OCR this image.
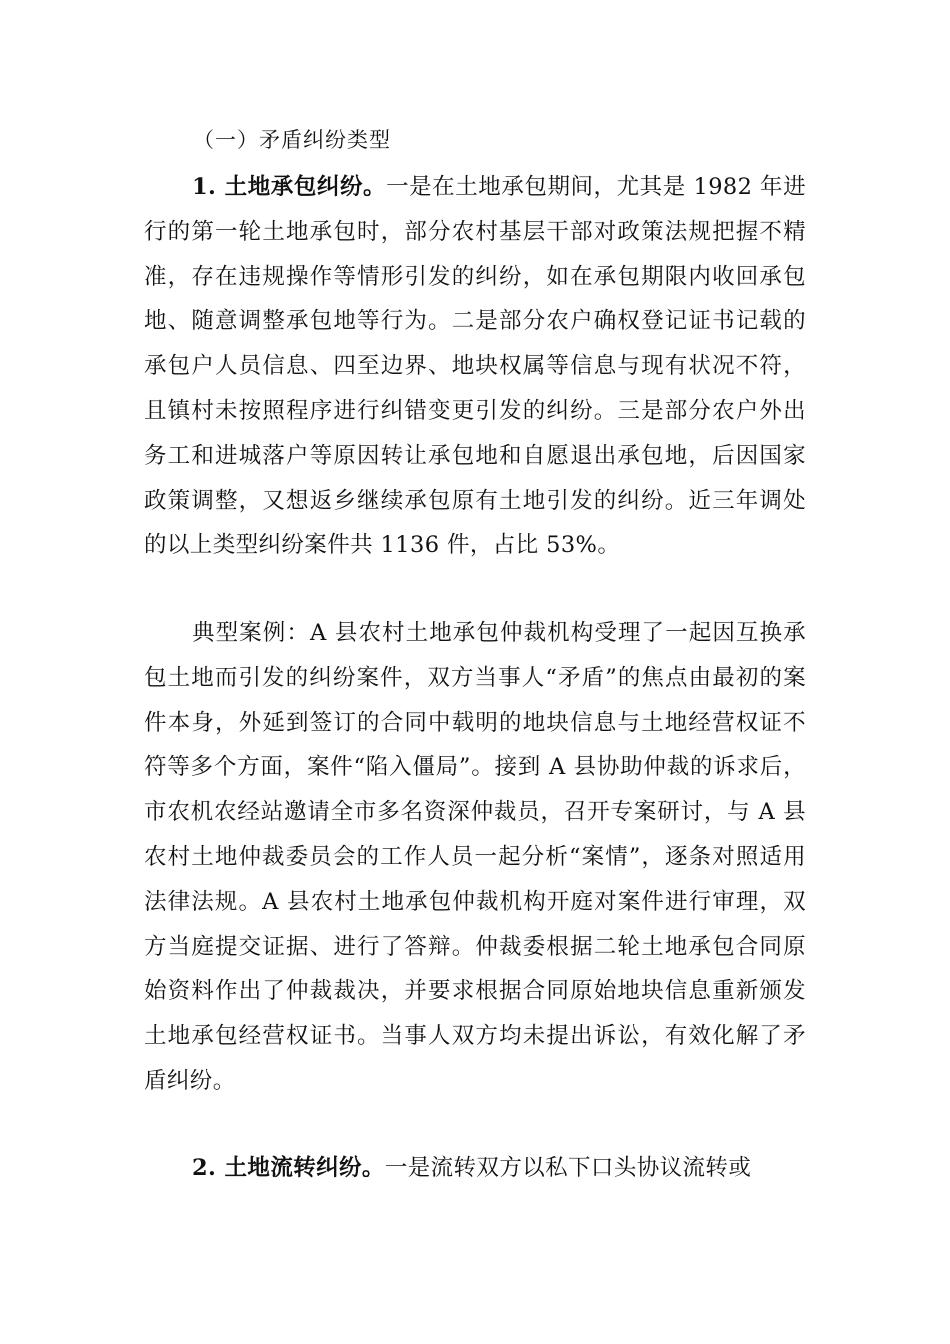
（一）矛盾纠纷类型

1. 土地承包纠纷。一是在土地承包期间，尤其是 1982 年进行的第一轮土地承包时，部分农村基层干部对政策法规把握不精准，存在违规操作等情形引发的纠纷，如在承包期限内收回承包地、随意调整承包地等行为。二是部分农户确权登记证书记载的承包户人员信息、四至边界、地块权属等信息与现有状况不符，且镇村未按照程序进行纠错变更引发的纠纷。三是部分农户外出务工和进城落户等原因转让承包地和自愿退出承包地，后因国家政策调整，又想返乡继续承包原有土地引发的纠纷。近三年调处的以上类型纠纷案件共 1136 件，占比 53%。

典型案例：A 县农村土地承包仲裁机构受理了一起因互换承包土地而引发的纠纷案件，双方当事人“矛盾”的焦点由最初的案件本身，外延到签订的合同中载明的地块信息与土地经营权证不符等多个方面，案件“陷入僵局”。接到 A 县协助仲裁的诉求后，市农机农经站邀请全市多名资深仲裁员，召开专案研讨，与 A 县农村土地仲裁委员会的工作人员一起分析“案情”，逐条对照适用法律法规。A 县农村土地承包仲裁机构开庭对案件进行审理，双方当庭提交证据、进行了答辩。仲裁委根据二轮土地承包合同原始资料作出了仲裁裁决，并要求根据合同原始地块信息重新颁发土地承包经营权证书。当事人双方均未提出诉讼，有效化解了矛盾纠纷。

2. 土地流转纠纷。一是流转双方以私下口头协议流转或
